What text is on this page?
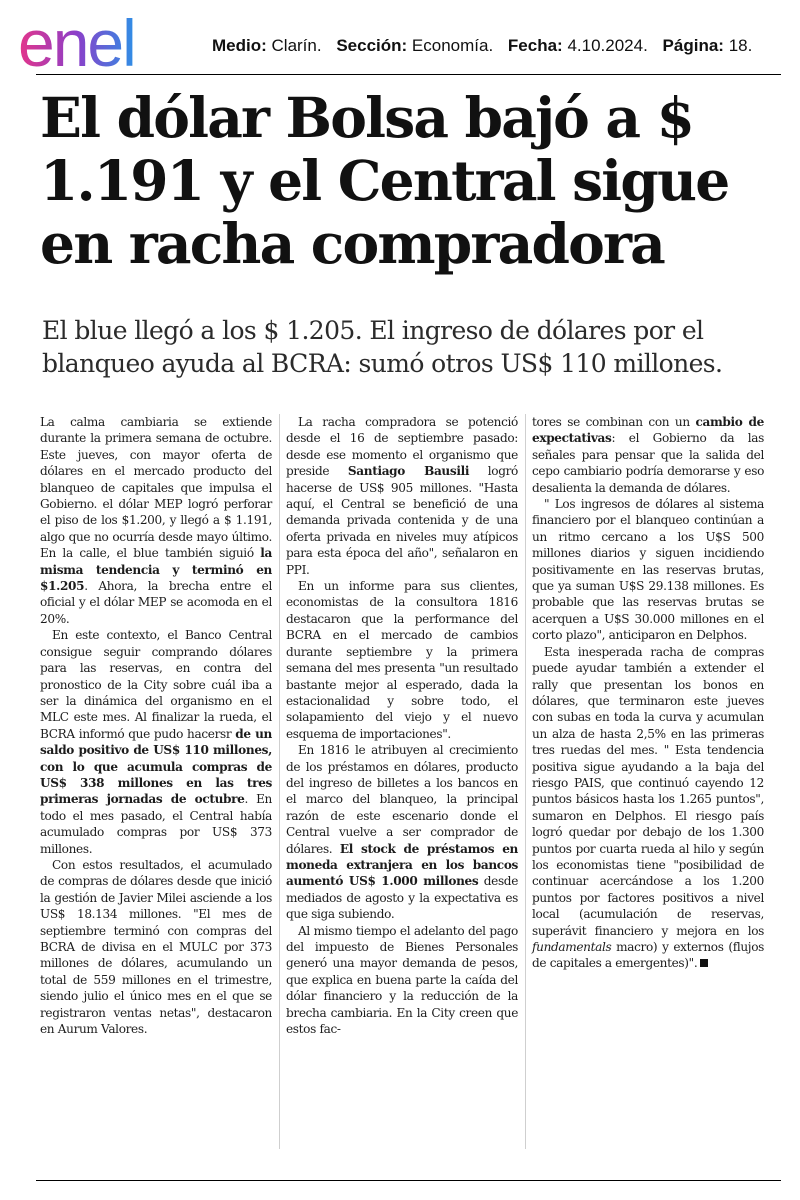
enel	Medio: Clarín. Sección: Economía. Fecha: 4.10.2024. Página: 18.
El dólar Bolsa bajó a $ 1.191 y el Central sigue en racha compradora
El blue llegó a los $ 1.205. El ingreso de dólares por el blanqueo ayuda al BCRA: sumó otros US$ 110 millones.

La calma cambiaria se extiende durante la primera semana de octubre. Este jueves, con mayor oferta de dólares en el mercado producto del blanqueo de capitales que impulsa el Gobierno. el dólar MEP logró perforar el piso de los $1.200, y llegó a $ 1.191, algo que no ocurría desde mayo último. En la calle, el blue también siguió la misma tendencia y terminó en $1.205. Ahora, la brecha entre el oficial y el dólar MEP se acomoda en el 20%.

En este contexto, el Banco Central consigue seguir comprando dólares para las reservas, en contra del pronostico de la City sobre cuál iba a ser la dinámica del organismo en el MLC este mes. Al finalizar la rueda, el BCRA informó que pudo hacersr de un saldo positivo de US$ 110 millones, con lo que acumula compras de US$ 338 millones en las tres primeras jornadas de octubre. En todo el mes pasado, el Central había acumulado compras por US$ 373 millones.

Con estos resultados, el acumulado de compras de dólares desde que inició la gestión de Javier Milei asciende a los US$ 18.134 millones. "El mes de septiembre terminó con compras del BCRA de divisa en el MULC por 373 millones de dólares, acumulando un total de 559 millones en el trimestre, siendo julio el único mes en el que se registraron ventas netas", destacaron en Aurum Valores.

La racha compradora se potenció desde el 16 de septiembre pasado: desde ese momento el organismo que preside Santiago Bausili logró hacerse de US$ 905 millones. "Hasta aquí, el Central se benefició de una demanda privada contenida y de una oferta privada en niveles muy atípicos para esta época del año", señalaron en PPI.

En un informe para sus clientes, economistas de la consultora 1816 destacaron que la performance del BCRA en el mercado de cambios durante septiembre y la primera semana del mes presenta "un resultado bastante mejor al esperado, dada la estacionalidad y sobre todo, el solapamiento del viejo y el nuevo esquema de importaciones".

En 1816 le atribuyen al crecimiento de los préstamos en dólares, producto del ingreso de billetes a los bancos en el marco del blanqueo, la principal razón de este escenario donde el Central vuelve a ser comprador de dólares. El stock de préstamos en moneda extranjera en los bancos aumentó US$ 1.000 millones desde mediados de agosto y la expectativa es que siga subiendo.

Al mismo tiempo el adelanto del pago del impuesto de Bienes Personales generó una mayor demanda de pesos, que explica en buena parte la caída del dólar financiero y la reducción de la brecha cambiaria. En la City creen que estos fac-

tores se combinan con un cambio de expectativas: el Gobierno da las señales para pensar que la salida del cepo cambiario podría demorarse y eso desalienta la demanda de dólares.

" Los ingresos de dólares al sistema financiero por el blanqueo continúan a un ritmo cercano a los U$S 500 millones diarios y siguen incidiendo positivamente en las reservas brutas, que ya suman U$S 29.138 millones. Es probable que las reservas brutas se acerquen a U$S 30.000 millones en el corto plazo", anticiparon en Delphos.

Esta inesperada racha de compras puede ayudar también a extender el rally que presentan los bonos en dólares, que terminaron este jueves con subas en toda la curva y acumulan un alza de hasta 2,5% en las primeras tres ruedas del mes. " Esta tendencia positiva sigue ayudando a la baja del riesgo PAIS, que continuó cayendo 12 puntos básicos hasta los 1.265 puntos", sumaron en Delphos. El riesgo país logró quedar por debajo de los 1.300 puntos por cuarta rueda al hilo y según los economistas tiene "posibilidad de continuar acercándose a los 1.200 puntos por factores positivos a nivel local (acumulación de reservas, superávit financiero y mejora en los fundamentals macro) y externos (flujos de capitales a emergentes)".
